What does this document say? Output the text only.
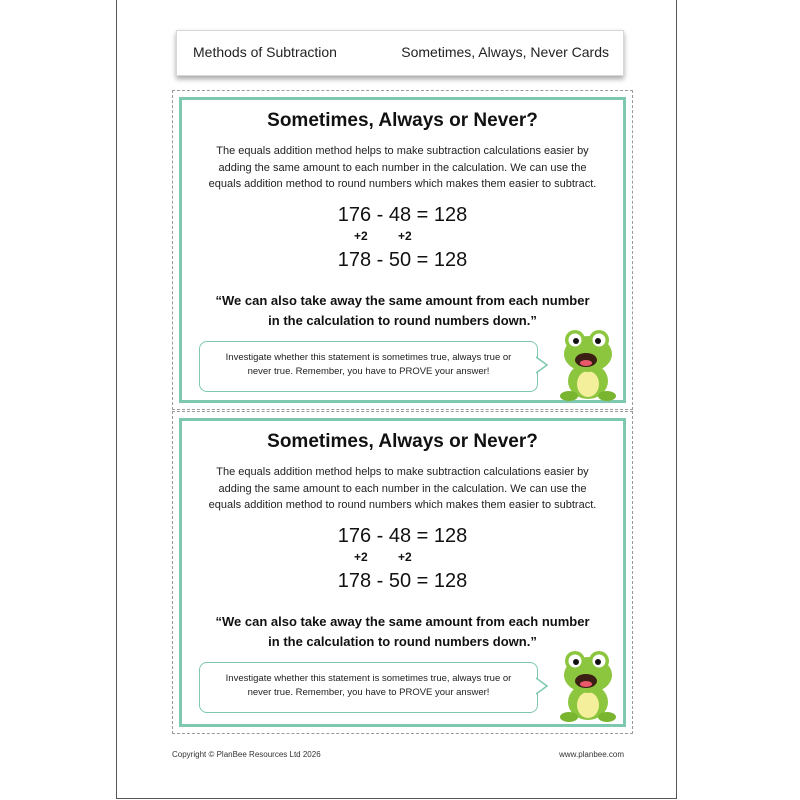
Methods of Subtraction	Sometimes, Always, Never Cards
Sometimes, Always or Never?
The equals addition method helps to make subtraction calculations easier by adding the same amount to each number in the calculation. We can use the equals addition method to round numbers which makes them easier to subtract.
176 - 48 = 128
+2	+2
178 - 50 = 128
“We can also take away the same amount from each number
in the calculation to round numbers down.”
Investigate whether this statement is sometimes true, always true or
never true. Remember, you have to PROVE your answer!
Sometimes, Always or Never?
The equals addition method helps to make subtraction calculations easier by adding the same amount to each number in the calculation. We can use the equals addition method to round numbers which makes them easier to subtract.
176 - 48 = 128
+2	+2
178 - 50 = 128
“We can also take away the same amount from each number
in the calculation to round numbers down.”
Investigate whether this statement is sometimes true, always true or
never true. Remember, you have to PROVE your answer!
Copyright © PlanBee Resources Ltd 2026	www.planbee.com
